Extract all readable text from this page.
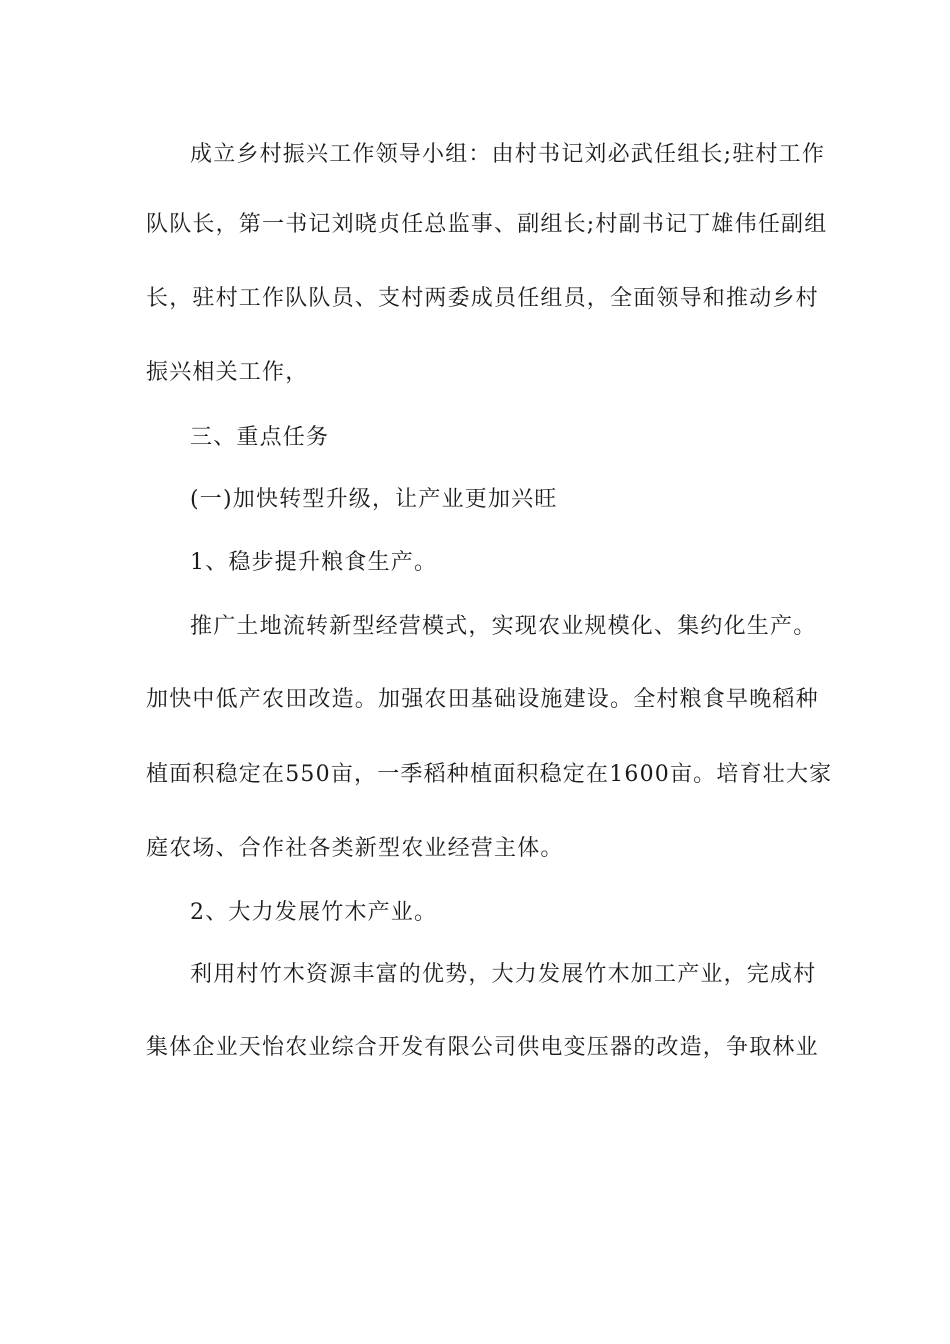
成立乡村振兴工作领导小组：由村书记刘必武任组长;驻村工作

队队长，第一书记刘晓贞任总监事、副组长;村副书记丁雄伟任副组

长，驻村工作队队员、支村两委成员任组员，全面领导和推动乡村

振兴相关工作，

三、重点任务

(一)加快转型升级，让产业更加兴旺

1、稳步提升粮食生产。

推广土地流转新型经营模式，实现农业规模化、集约化生产。

加快中低产农田改造。加强农田基础设施建设。全村粮食早晚稻种

植面积稳定在550亩，一季稻种植面积稳定在1600亩。培育壮大家

庭农场、合作社各类新型农业经营主体。

2、大力发展竹木产业。

利用村竹木资源丰富的优势，大力发展竹木加工产业，完成村

集体企业天怡农业综合开发有限公司供电变压器的改造，争取林业
